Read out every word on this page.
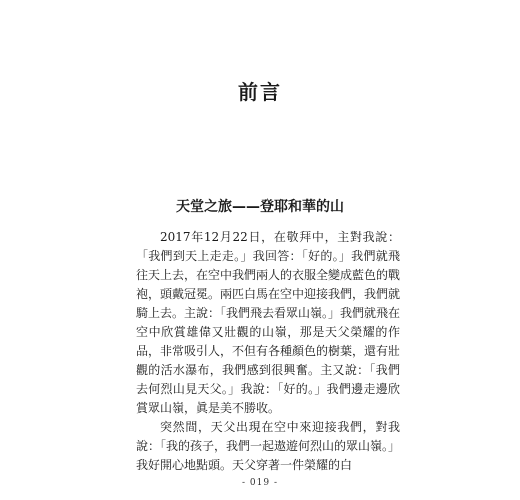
前言
天堂之旅——登耶和華的山

2017年12月22日，在敬拜中，主對我說：「我們到天上走走。」我回答：「好的。」我們就飛往天上去，在空中我們兩人的衣服全變成藍色的戰袍，頭戴冠冕。兩匹白馬在空中迎接我們，我們就騎上去。主說：「我們飛去看眾山嶺。」我們就飛在空中欣賞雄偉又壯觀的山嶺，那是天父榮耀的作品，非常吸引人，不但有各種顏色的樹葉，還有壯觀的活水瀑布，我們感到很興奮。主又說：「我們去何烈山見天父。」我說：「好的。」我們邊走邊欣賞眾山嶺，眞是美不勝收。

突然間，天父出現在空中來迎接我們，對我說：「我的孩子，我們一起遨遊何烈山的眾山嶺。」我好開心地點頭。天父穿著一件榮耀的白

- 019 -
